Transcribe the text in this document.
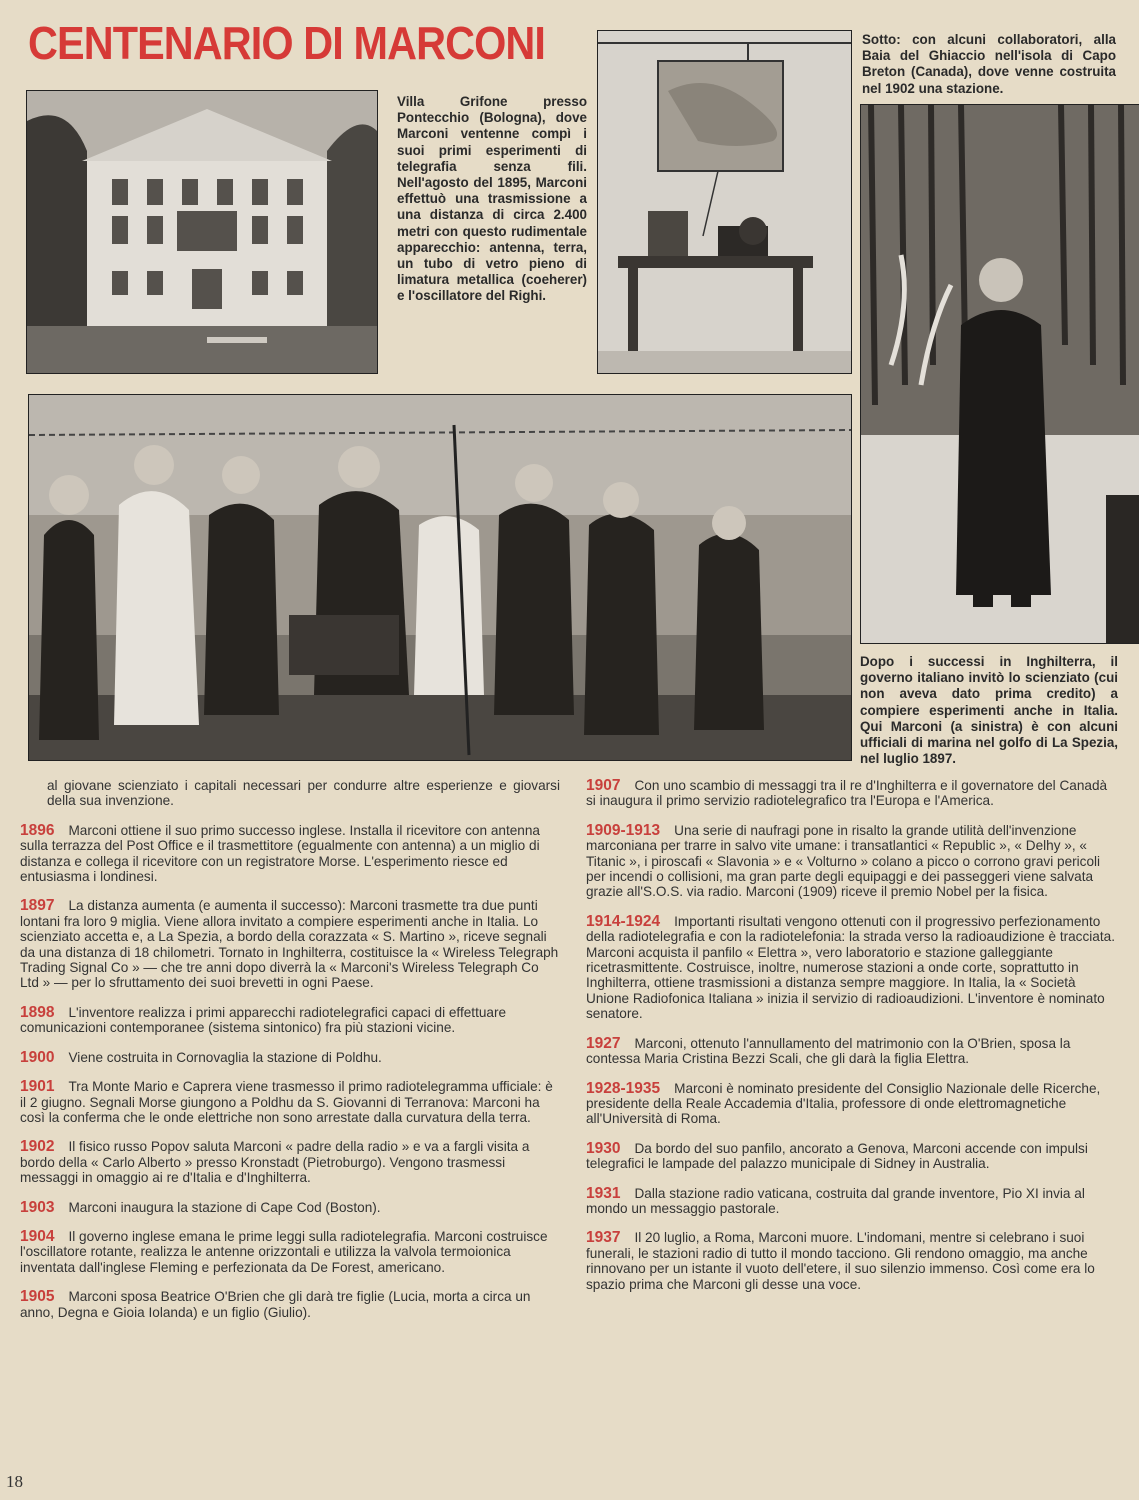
CENTENARIO DI MARCONI
Villa Grifone presso Pontecchio (Bologna), dove Marconi ventenne compì i suoi primi esperimenti di telegrafia senza fili. Nell'agosto del 1895, Marconi effettuò una trasmissione a una distanza di circa 2.400 metri con questo rudimentale apparecchio: antenna, terra, un tubo di vetro pieno di limatura metallica (coeherer) e l'oscillatore del Righi.
Sotto: con alcuni collaboratori, alla Baia del Ghiaccio nell'isola di Capo Breton (Canada), dove venne costruita nel 1902 una stazione.
Dopo i successi in Inghilterra, il governo italiano invitò lo scienziato (cui non aveva dato prima credito) a compiere esperimenti anche in Italia. Qui Marconi (a sinistra) è con alcuni ufficiali di marina nel golfo di La Spezia, nel luglio 1897.
al giovane scienziato i capitali necessari per condurre altre esperienze e giovarsi della sua invenzione.
1896 Marconi ottiene il suo primo successo inglese. Installa il ricevitore con antenna sulla terrazza del Post Office e il trasmettitore (egualmente con antenna) a un miglio di distanza e collega il ricevitore con un registratore Morse. L'esperimento riesce ed entusiasma i londinesi.
1897 La distanza aumenta (e aumenta il successo): Marconi trasmette tra due punti lontani fra loro 9 miglia. Viene allora invitato a compiere esperimenti anche in Italia. Lo scienziato accetta e, a La Spezia, a bordo della corazzata « S. Martino », riceve segnali da una distanza di 18 chilometri. Tornato in Inghilterra, costituisce la « Wireless Telegraph Trading Signal Co » — che tre anni dopo diverrà la « Marconi's Wireless Telegraph Co Ltd » — per lo sfruttamento dei suoi brevetti in ogni Paese.
1898 L'inventore realizza i primi apparecchi radiotelegrafici capaci di effettuare comunicazioni contemporanee (sistema sintonico) fra più stazioni vicine.
1900 Viene costruita in Cornovaglia la stazione di Poldhu.
1901 Tra Monte Mario e Caprera viene trasmesso il primo radiotelegramma ufficiale: è il 2 giugno. Segnali Morse giungono a Poldhu da S. Giovanni di Terranova: Marconi ha così la conferma che le onde elettriche non sono arrestate dalla curvatura della terra.
1902 Il fisico russo Popov saluta Marconi « padre della radio » e va a fargli visita a bordo della « Carlo Alberto » presso Kronstadt (Pietroburgo). Vengono trasmessi messaggi in omaggio ai re d'Italia e d'Inghilterra.
1903 Marconi inaugura la stazione di Cape Cod (Boston).
1904 Il governo inglese emana le prime leggi sulla radiotelegrafia. Marconi costruisce l'oscillatore rotante, realizza le antenne orizzontali e utilizza la valvola termoionica inventata dall'inglese Fleming e perfezionata da De Forest, americano.
1905 Marconi sposa Beatrice O'Brien che gli darà tre figlie (Lucia, morta a circa un anno, Degna e Gioia Iolanda) e un figlio (Giulio).
1907 Con uno scambio di messaggi tra il re d'Inghilterra e il governatore del Canadà si inaugura il primo servizio radiotelegrafico tra l'Europa e l'America.
1909-1913 Una serie di naufragi pone in risalto la grande utilità dell'invenzione marconiana per trarre in salvo vite umane: i transatlantici « Republic », « Delhy », « Titanic », i piroscafi « Slavonia » e « Volturno » colano a picco o corrono gravi pericoli per incendi o collisioni, ma gran parte degli equipaggi e dei passeggeri viene salvata grazie all'S.O.S. via radio. Marconi (1909) riceve il premio Nobel per la fisica.
1914-1924 Importanti risultati vengono ottenuti con il progressivo perfezionamento della radiotelegrafia e con la radiotelefonia: la strada verso la radioaudizione è tracciata. Marconi acquista il panfilo « Elettra », vero laboratorio e stazione galleggiante ricetrasmittente. Costruisce, inoltre, numerose stazioni a onde corte, soprattutto in Inghilterra, ottiene trasmissioni a distanza sempre maggiore. In Italia, la « Società Unione Radiofonica Italiana » inizia il servizio di radioaudizioni. L'inventore è nominato senatore.
1927 Marconi, ottenuto l'annullamento del matrimonio con la O'Brien, sposa la contessa Maria Cristina Bezzi Scali, che gli darà la figlia Elettra.
1928-1935 Marconi è nominato presidente del Consiglio Nazionale delle Ricerche, presidente della Reale Accademia d'Italia, professore di onde elettromagnetiche all'Università di Roma.
1930 Da bordo del suo panfilo, ancorato a Genova, Marconi accende con impulsi telegrafici le lampade del palazzo municipale di Sidney in Australia.
1931 Dalla stazione radio vaticana, costruita dal grande inventore, Pio XI invia al mondo un messaggio pastorale.
1937 Il 20 luglio, a Roma, Marconi muore. L'indomani, mentre si celebrano i suoi funerali, le stazioni radio di tutto il mondo tacciono. Gli rendono omaggio, ma anche rinnovano per un istante il vuoto dell'etere, il suo silenzio immenso. Così come era lo spazio prima che Marconi gli desse una voce.
18
